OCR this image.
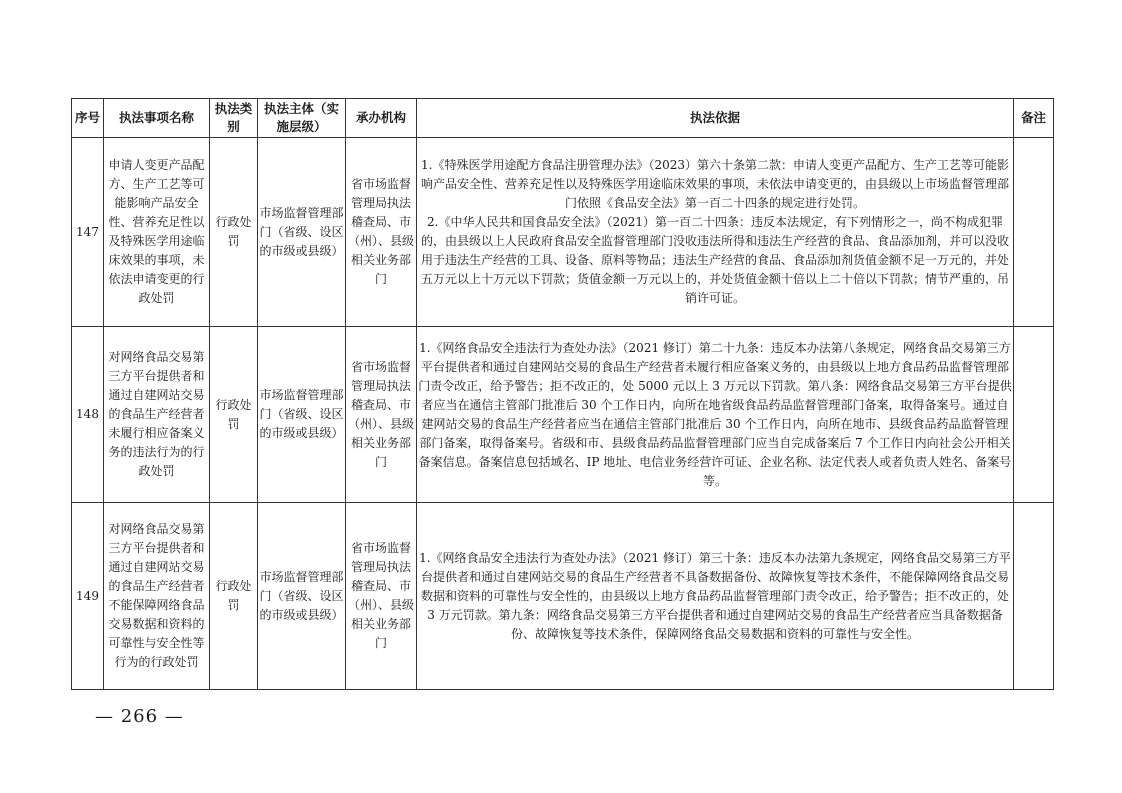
序号	执法事项名称	执法类别	执法主体（实施层级）	承办机构	执法依据	备注
147	申请人变更产品配方、生产工艺等可能影响产品安全性、营养充足性以及特殊医学用途临床效果的事项，未依法申请变更的行政处罚	行政处罚	市场监督管理部门（省级、设区的市级或县级）	省市场监督管理局执法稽查局、市（州）、县级相关业务部门	1.《特殊医学用途配方食品注册管理办法》（2023）第六十条第二款：申请人变更产品配方、生产工艺等可能影响产品安全性、营养充足性以及特殊医学用途临床效果的事项，未依法申请变更的，由县级以上市场监督管理部门依照《食品安全法》第一百二十四条的规定进行处罚。

2.《中华人民共和国食品安全法》（2021）第一百二十四条：违反本法规定，有下列情形之一，尚不构成犯罪的，由县级以上人民政府食品安全监督管理部门没收违法所得和违法生产经营的食品、食品添加剂，并可以没收用于违法生产经营的工具、设备、原料等物品；违法生产经营的食品、食品添加剂货值金额不足一万元的，并处五万元以上十万元以下罚款；货值金额一万元以上的，并处货值金额十倍以上二十倍以下罚款；情节严重的，吊销许可证。	

148	对网络食品交易第三方平台提供者和通过自建网站交易的食品生产经营者未履行相应备案义务的违法行为的行政处罚	行政处罚	市场监督管理部门（省级、设区的市级或县级）	省市场监督管理局执法稽查局、市（州）、县级相关业务部门	1.《网络食品安全违法行为查处办法》（2021 修订）第二十九条：违反本办法第八条规定，网络食品交易第三方平台提供者和通过自建网站交易的食品生产经营者未履行相应备案义务的，由县级以上地方食品药品监督管理部门责令改正，给予警告；拒不改正的，处 5000 元以上 3 万元以下罚款。第八条：网络食品交易第三方平台提供者应当在通信主管部门批准后 30 个工作日内，向所在地省级食品药品监督管理部门备案，取得备案号。通过自建网站交易的食品生产经营者应当在通信主管部门批准后 30 个工作日内，向所在地市、县级食品药品监督管理部门备案，取得备案号。省级和市、县级食品药品监督管理部门应当自完成备案后 7 个工作日内向社会公开相关备案信息。备案信息包括域名、IP 地址、电信业务经营许可证、企业名称、法定代表人或者负责人姓名、备案号等。	

149	对网络食品交易第三方平台提供者和通过自建网站交易的食品生产经营者不能保障网络食品交易数据和资料的可靠性与安全性等行为的行政处罚	行政处罚	市场监督管理部门（省级、设区的市级或县级）	省市场监督管理局执法稽查局、市（州）、县级相关业务部门	1.《网络食品安全违法行为查处办法》（2021 修订）第三十条：违反本办法第九条规定，网络食品交易第三方平台提供者和通过自建网站交易的食品生产经营者不具备数据备份、故障恢复等技术条件，不能保障网络食品交易数据和资料的可靠性与安全性的，由县级以上地方食品药品监督管理部门责令改正，给予警告；拒不改正的，处 3 万元罚款。第九条：网络食品交易第三方平台提供者和通过自建网站交易的食品生产经营者应当具备数据备份、故障恢复等技术条件，保障网络食品交易数据和资料的可靠性与安全性。	

— 266 —
